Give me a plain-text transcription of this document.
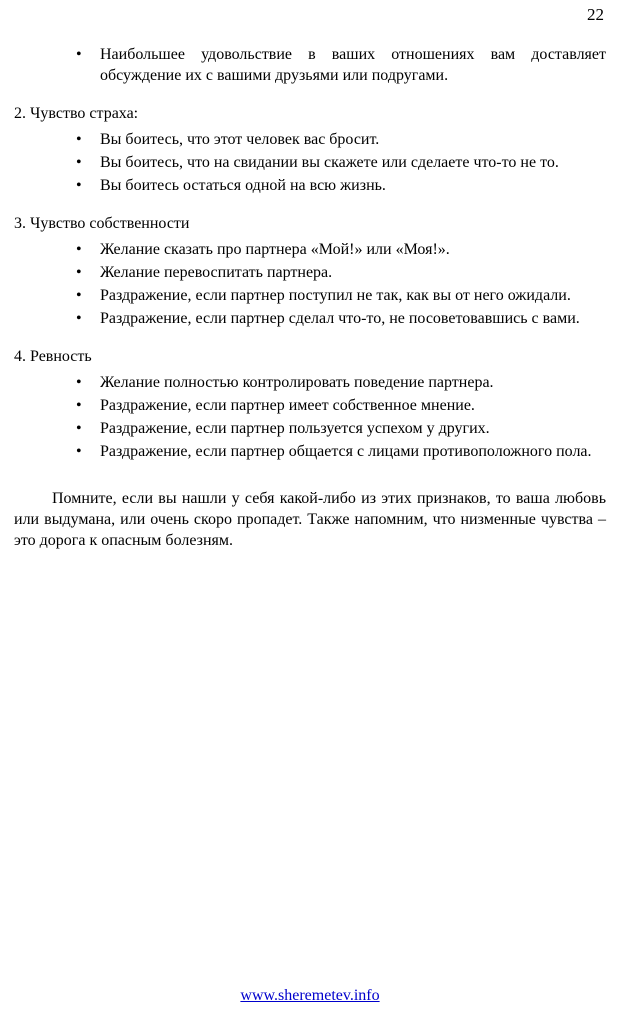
22
• Наибольшее удовольствие в ваших отношениях вам доставляет обсуждение их с вашими друзьями или подругами.

2. Чувство страха:

• Вы боитесь, что этот человек вас бросит.
• Вы боитесь, что на свидании вы скажете или сделаете что-то не то.
• Вы боитесь остаться одной на всю жизнь.

3. Чувство собственности

• Желание сказать про партнера «Мой!» или «Моя!».
• Желание перевоспитать партнера.
• Раздражение, если партнер поступил не так, как вы от него ожидали.
• Раздражение, если партнер сделал что-то, не посоветовавшись с вами.

4. Ревность

• Желание полностью контролировать поведение партнера.
• Раздражение, если партнер имеет собственное мнение.
• Раздражение, если партнер пользуется успехом у других.
• Раздражение, если партнер общается с лицами противоположного пола.

Помните, если вы нашли у себя какой-либо из этих признаков, то ваша любовь или выдумана, или очень скоро пропадет. Также напомним, что низменные чувства – это дорога к опасным болезням.

www.sheremetev.info
